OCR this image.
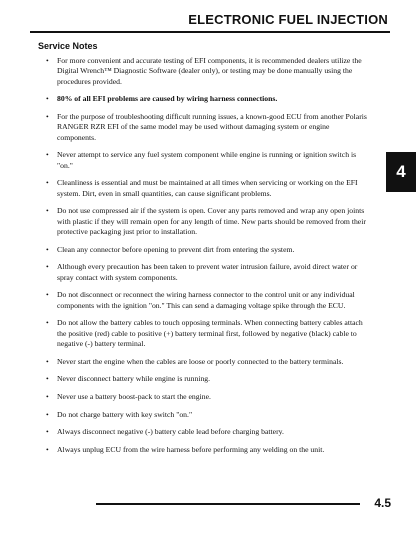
ELECTRONIC FUEL INJECTION
Service Notes
• For more convenient and accurate testing of EFI components, it is recommended dealers utilize the Digital Wrench™ Diagnostic Software (dealer only), or testing may be done manually using the procedures provided.
• 80% of all EFI problems are caused by wiring harness connections.
• For the purpose of troubleshooting difficult running issues, a known-good ECU from another Polaris RANGER RZR EFI of the same model may be used without damaging system or engine components.
• Never attempt to service any fuel system component while engine is running or ignition switch is "on."
• Cleanliness is essential and must be maintained at all times when servicing or working on the EFI system. Dirt, even in small quantities, can cause significant problems.
• Do not use compressed air if the system is open. Cover any parts removed and wrap any open joints with plastic if they will remain open for any length of time. New parts should be removed from their protective packaging just prior to installation.
• Clean any connector before opening to prevent dirt from entering the system.
• Although every precaution has been taken to prevent water intrusion failure, avoid direct water or spray contact with system components.
• Do not disconnect or reconnect the wiring harness connector to the control unit or any individual components with the ignition "on." This can send a damaging voltage spike through the ECU.
• Do not allow the battery cables to touch opposing terminals. When connecting battery cables attach the positive (red) cable to positive (+) battery terminal first, followed by negative (black) cable to negative (-) battery terminal.
• Never start the engine when the cables are loose or poorly connected to the battery terminals.
• Never disconnect battery while engine is running.
• Never use a battery boost-pack to start the engine.
• Do not charge battery with key switch "on."
• Always disconnect negative (-) battery cable lead before charging battery.
• Always unplug ECU from the wire harness before performing any welding on the unit.
4
4.5
